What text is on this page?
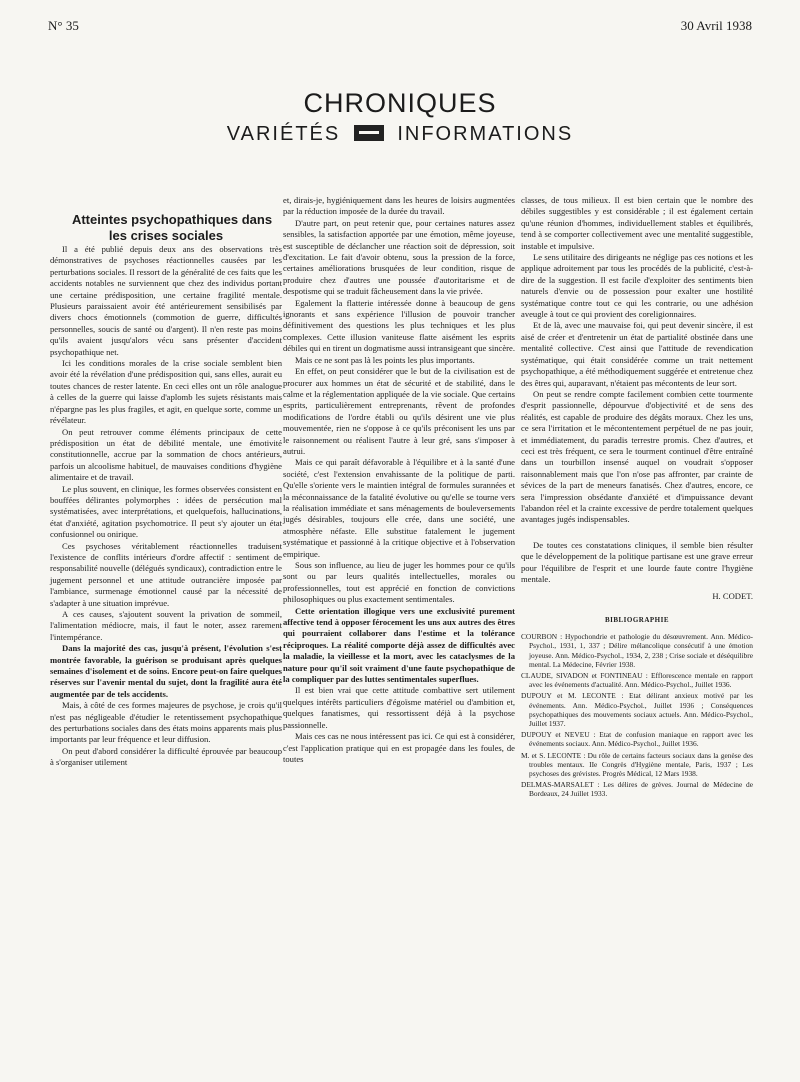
N° 35	30 Avril 1938
CHRONIQUES
VARIÉTÉS	INFORMATIONS

Atteintes psychopathiques dans les crises sociales

Il a été publié depuis deux ans des observations très démonstratives de psychoses réactionnelles causées par les perturbations sociales. Il ressort de la généralité de ces faits que les accidents notables ne surviennent que chez des individus portant une certaine prédisposition, une certaine fragilité mentale. Plusieurs paraissaient avoir été antérieurement sensibilisés par divers chocs émotionnels (commotion de guerre, difficultés personnelles, soucis de santé ou d'argent). Il n'en reste pas moins qu'ils avaient jusqu'alors vécu sans présenter d'accident psychopathique net.

Ici les conditions morales de la crise sociale semblent bien avoir été la révélation d'une prédisposition qui, sans elles, aurait eu toutes chances de rester latente. En ceci elles ont un rôle analogue à celles de la guerre qui laisse d'aplomb les sujets résistants mais n'épargne pas les plus fragiles, et agit, en quelque sorte, comme un révélateur.

On peut retrouver comme éléments principaux de cette prédisposition un état de débilité mentale, une émotivité constitutionnelle, accrue par la sommation de chocs antérieurs, parfois un alcoolisme habituel, de mauvaises conditions d'hygiène alimentaire et de travail.

Le plus souvent, en clinique, les formes observées consistent en bouffées délirantes polymorphes : idées de persécution mal systématisées, avec interprétations, et quelquefois, hallucinations, état d'anxiété, agitation psychomotrice. Il peut s'y ajouter un état confusionnel ou onirique.

Ces psychoses véritablement réactionnelles traduisent l'existence de conflits intérieurs d'ordre affectif : sentiment de responsabilité nouvelle (délégués syndicaux), contradiction entre le jugement personnel et une attitude outrancière imposée par l'ambiance, surmenage émotionnel causé par la nécessité de s'adapter à une situation imprévue.

A ces causes, s'ajoutent souvent la privation de sommeil, l'alimentation médiocre, mais, il faut le noter, assez rarement l'intempérance.

Dans la majorité des cas, jusqu'à présent, l'évolution s'est montrée favorable, la guérison se produisant après quelques semaines d'isolement et de soins. Encore peut-on faire quelques réserves sur l'avenir mental du sujet, dont la fragilité aura été augmentée par de tels accidents.

Mais, à côté de ces formes majeures de psychose, je crois qu'il n'est pas négligeable d'étudier le retentissement psychopathique des perturbations sociales dans des états moins apparents mais plus importants par leur fréquence et leur diffusion.

On peut d'abord considérer la difficulté éprouvée par beaucoup à s'organiser utilement

et, dirais-je, hygiéniquement dans les heures de loisirs augmentées par la réduction imposée de la durée du travail.

D'autre part, on peut retenir que, pour certaines natures assez sensibles, la satisfaction apportée par une émotion, même joyeuse, est susceptible de déclancher une réaction soit de dépression, soit d'excitation. Le fait d'avoir obtenu, sous la pression de la force, certaines améliorations brusquées de leur condition, risque de produire chez d'autres une poussée d'autoritarisme et de despotisme qui se traduit fâcheusement dans la vie privée.

Egalement la flatterie intéressée donne à beaucoup de gens ignorants et sans expérience l'illusion de pouvoir trancher définitivement des questions les plus techniques et les plus complexes. Cette illusion vaniteuse flatte aisément les esprits débiles qui en tirent un dogmatisme aussi intransigeant que sincère.

Mais ce ne sont pas là les points les plus importants.

En effet, on peut considérer que le but de la civilisation est de procurer aux hommes un état de sécurité et de stabilité, dans le calme et la réglementation appliquée de la vie sociale. Que certains esprits, particulièrement entreprenants, rêvent de profondes modifications de l'ordre établi ou qu'ils désirent une vie plus mouvementée, rien ne s'oppose à ce qu'ils préconisent les uns par le raisonnement ou réalisent l'autre à leur gré, sans s'imposer à autrui.

Mais ce qui paraît défavorable à l'équilibre et à la santé d'une société, c'est l'extension envahissante de la politique de parti. Qu'elle s'oriente vers le maintien intégral de formules surannées et la méconnaissance de la fatalité évolutive ou qu'elle se tourne vers la réalisation immédiate et sans ménagements de bouleversements jugés désirables, toujours elle crée, dans une société, une atmosphère néfaste. Elle substitue fatalement le jugement systématique et passionné à la critique objective et à l'observation empirique.

Sous son influence, au lieu de juger les hommes pour ce qu'ils sont ou par leurs qualités intellectuelles, morales ou professionnelles, tout est apprécié en fonction de convictions philosophiques ou plus exactement sentimentales.

Cette orientation illogique vers une exclusivité purement affective tend à opposer férocement les uns aux autres des êtres qui pourraient collaborer dans l'estime et la tolérance réciproques. La réalité comporte déjà assez de difficultés avec la maladie, la vieillesse et la mort, avec les cataclysmes de la nature pour qu'il soit vraiment d'une faute psychopathique de la compliquer par des luttes sentimentales superflues.

Il est bien vrai que cette attitude combattive sert utilement quelques intérêts particuliers d'égoïsme matériel ou d'ambition et, quelques fanatismes, qui ressortissent déjà à la psychose passionnelle.

Mais ces cas ne nous intéressent pas ici. Ce qui est à considérer, c'est l'application pratique qui en est propagée dans les foules, de toutes

classes, de tous milieux. Il est bien certain que le nombre des débiles suggestibles y est considérable ; il est également certain qu'une réunion d'hommes, individuellement stables et équilibrés, tend à se comporter collectivement avec une mentalité suggestible, instable et impulsive.

Le sens utilitaire des dirigeants ne néglige pas ces notions et les applique adroitement par tous les procédés de la publicité, c'est-à-dire de la suggestion. Il est facile d'exploiter des sentiments bien naturels d'envie ou de possession pour exalter une hostilité systématique contre tout ce qui les contrarie, ou une adhésion aveugle à tout ce qui provient des coreligionnaires.

Et de là, avec une mauvaise foi, qui peut devenir sincère, il est aisé de créer et d'entretenir un état de partialité obstinée dans une mentalité collective. C'est ainsi que l'attitude de revendication systématique, qui était considérée comme un trait nettement psychopathique, a été méthodiquement suggérée et entretenue chez des êtres qui, auparavant, n'étaient pas mécontents de leur sort.

On peut se rendre compte facilement combien cette tourmente d'esprit passionnelle, dépourvue d'objectivité et de sens des réalités, est capable de produire des dégâts moraux. Chez les uns, ce sera l'irritation et le mécontentement perpétuel de ne pas jouir, et immédiatement, du paradis terrestre promis. Chez d'autres, et ceci est très fréquent, ce sera le tourment continuel d'être entraîné dans un tourbillon insensé auquel on voudrait s'opposer raisonnablement mais que l'on n'ose pas affronter, par crainte de sévices de la part de meneurs fanatisés. Chez d'autres, encore, ce sera l'impression obsédante d'anxiété et d'impuissance devant l'abandon réel et la crainte excessive de perdre totalement quelques avantages jugés indispensables.

De toutes ces constatations cliniques, il semble bien résulter que le développement de la politique partisane est une grave erreur pour l'équilibre de l'esprit et une lourde faute contre l'hygiène mentale.

H. CODET.
BIBLIOGRAPHIE

COURBON : Hypochondrie et pathologie du désœuvrement. Ann. Médico-Psychol., 1931, 1, 337 ; Délire mélancolique consécutif à une émotion joyeuse. Ann. Médico-Psychol., 1934, 2, 238 ; Crise sociale et déséquilibre mental. La Médecine, Février 1938.

CLAUDE, SIVADON et FONTINEAU : Efflorescence mentale en rapport avec les événements d'actualité. Ann. Médico-Psychol., Juillet 1936.

DUPOUY et M. LECONTE : Etat délirant anxieux motivé par les événements. Ann. Médico-Psychol., Juillet 1936 ; Conséquences psychopathiques des mouvements sociaux actuels. Ann. Médico-Psychol., Juillet 1937.

DUPOUY et NEVEU : Etat de confusion maniaque en rapport avec les événements sociaux. Ann. Médico-Psychol., Juillet 1936.

M. et S. LECONTE : Du rôle de certains facteurs sociaux dans la genèse des troubles mentaux. IIe Congrès d'Hygiène mentale, Paris, 1937 ; Les psychoses des grévistes. Progrès Médical, 12 Mars 1938.

DELMAS-MARSALET : Les délires de grèves. Journal de Médecine de Bordeaux, 24 Juillet 1933.
